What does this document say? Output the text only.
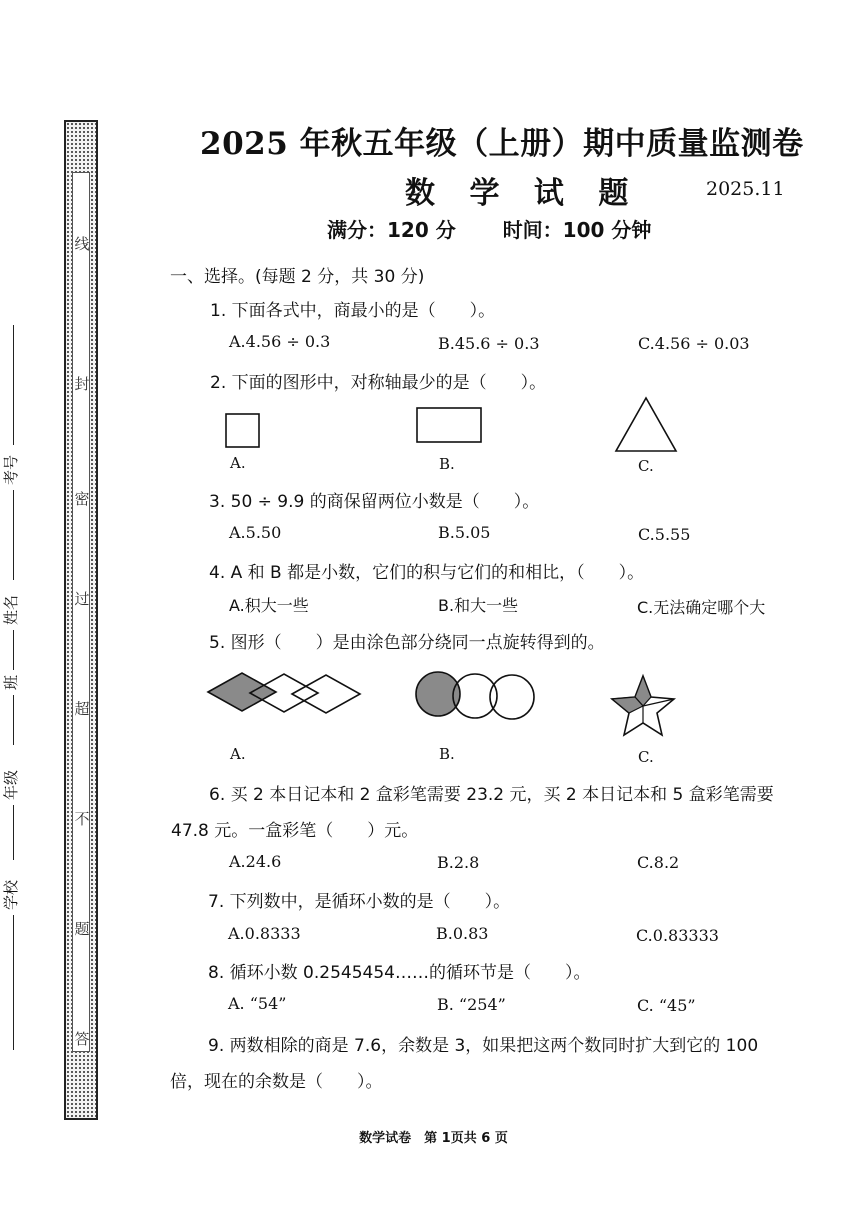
线
封
密
过
超
不
题
答
考号
姓名
班
年级
学校
2025 年秋五年级（上册）期中质量监测卷
数 学 试 题	2025.11
满分：120 分 时间：100 分钟
一、选择。(每题 2 分，共 30 分)
1. 下面各式中，商最小的是（　　）。
A.4.56 ÷ 0.3	B.45.6 ÷ 0.3	C.4.56 ÷ 0.03
2. 下面的图形中，对称轴最少的是（　　）。
A.	B.	C.
3. 50 ÷ 9.9 的商保留两位小数是（　　）。
A.5.50	B.5.05	C.5.55
4. A 和 B 都是小数，它们的积与它们的和相比，（　　）。
A.积大一些	B.和大一些	C.无法确定哪个大
5. 图形（　　）是由涂色部分绕同一点旋转得到的。
A.	B.	C.
6. 买 2 本日记本和 2 盒彩笔需要 23.2 元，买 2 本日记本和 5 盒彩笔需要
47.8 元。一盒彩笔（　　）元。
A.24.6	B.2.8	C.8.2
7. 下列数中，是循环小数的是（　　）。
A.0.8333	B.0.83	C.0.83333
8. 循环小数 0.2545454……的循环节是（　　）。
A. “54”	B. “254”	C. “45”
9. 两数相除的商是 7.6，余数是 3，如果把这两个数同时扩大到它的 100
倍，现在的余数是（　　）。
数学试卷　第 1页共 6 页
